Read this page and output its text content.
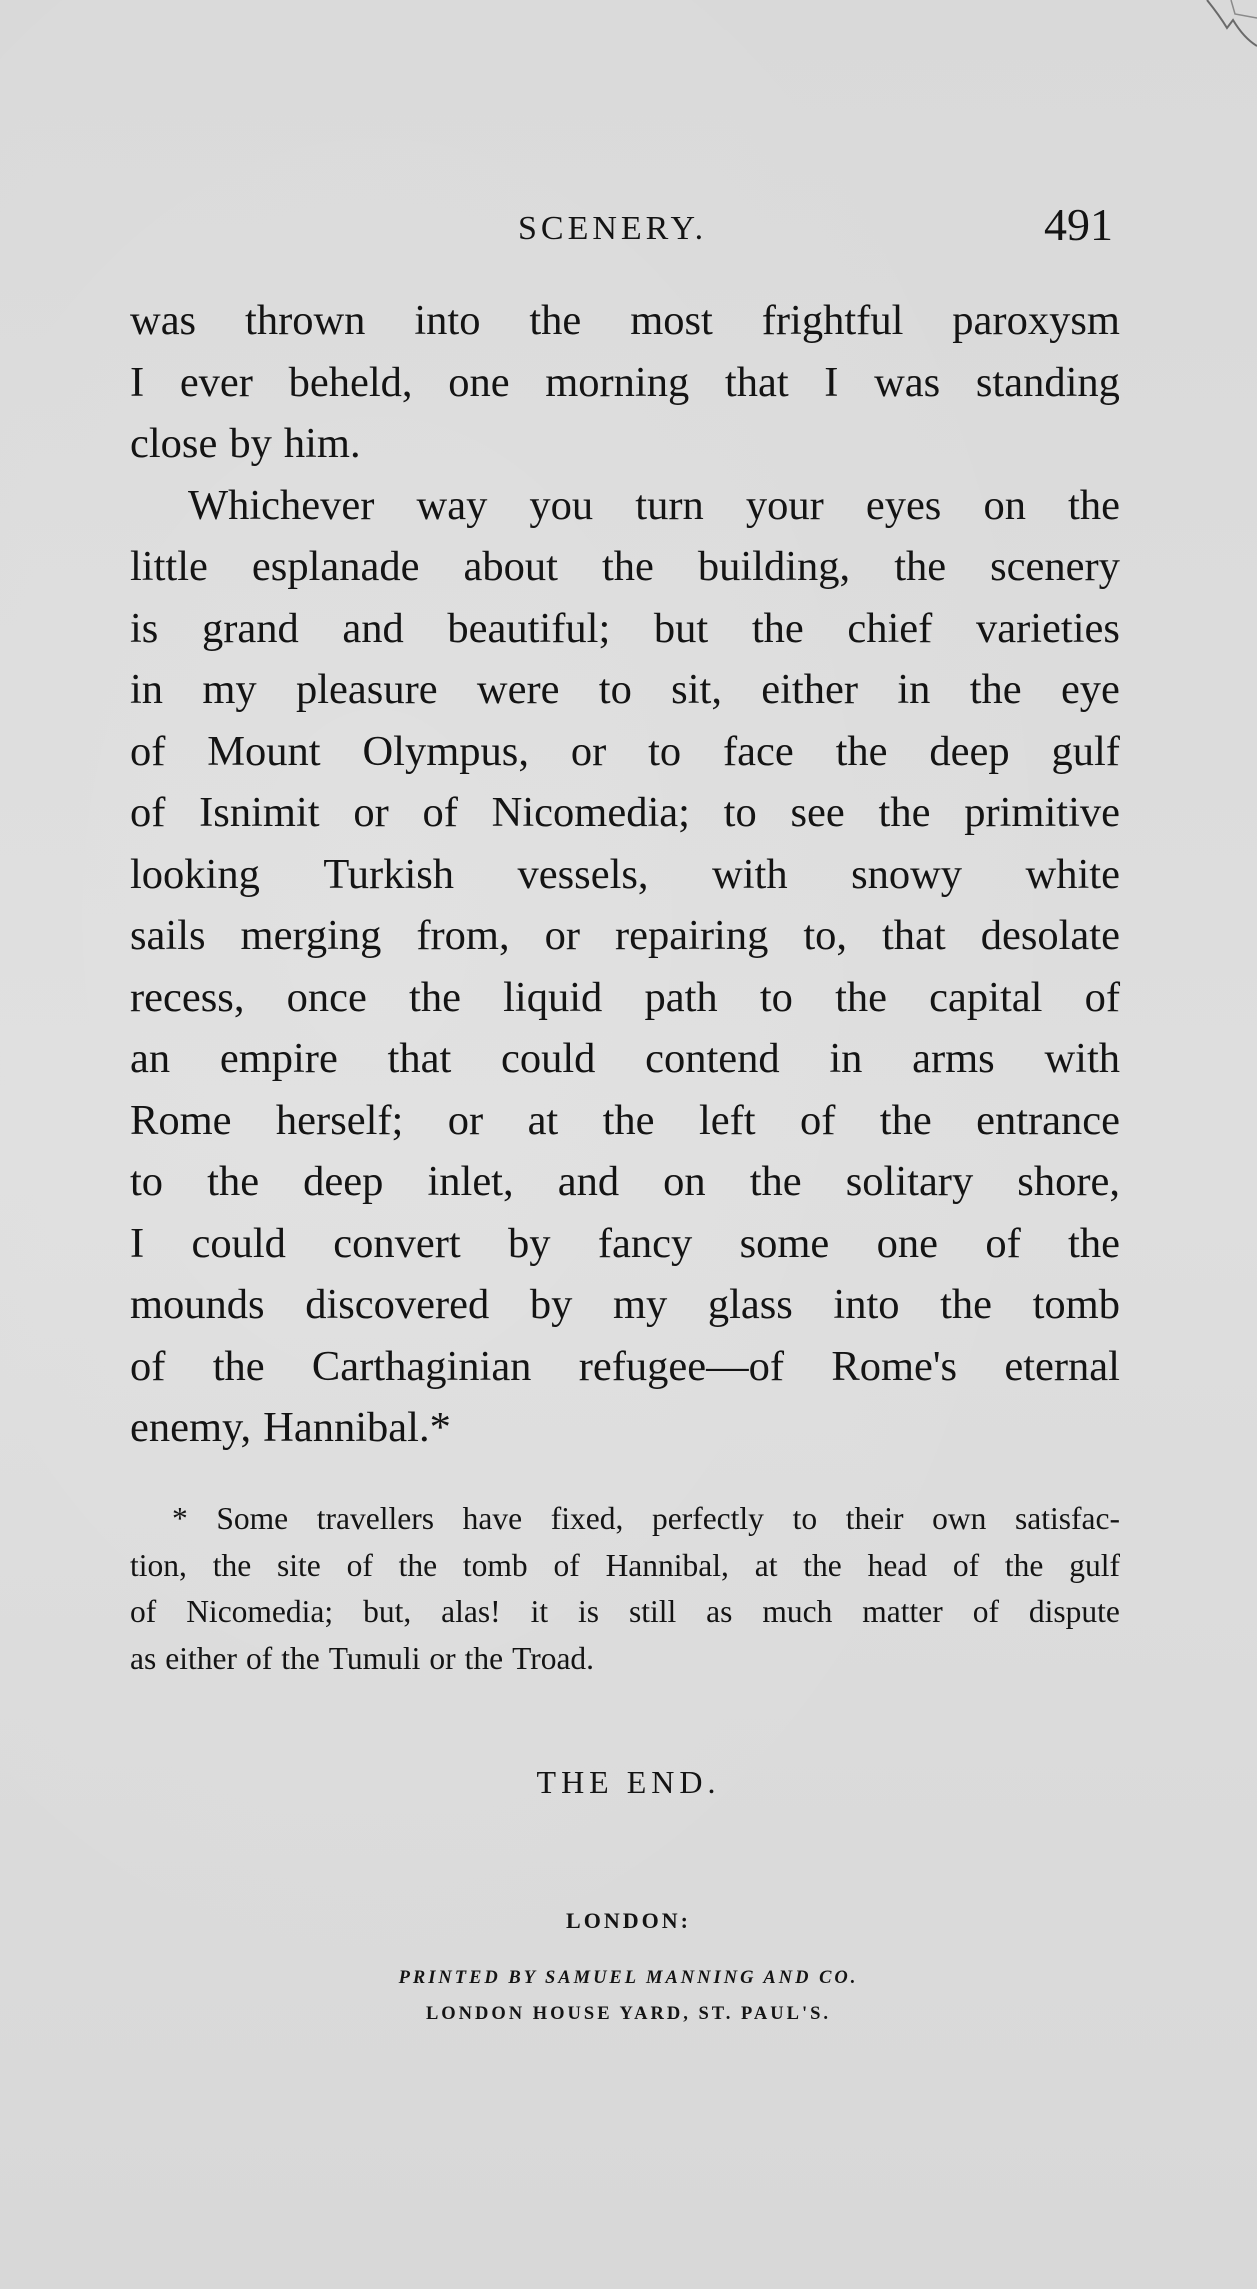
SCENERY.	491
was thrown into the most frightful paroxysm
I ever beheld, one morning that I was standing
close by him.
Whichever way you turn your eyes on the
little esplanade about the building, the scenery
is grand and beautiful; but the chief varieties
in my pleasure were to sit, either in the eye
of Mount Olympus, or to face the deep gulf
of Isnimit or of Nicomedia; to see the primitive
looking Turkish vessels, with snowy white
sails merging from, or repairing to, that desolate
recess, once the liquid path to the capital of
an empire that could contend in arms with
Rome herself; or at the left of the entrance
to the deep inlet, and on the solitary shore,
I could convert by fancy some one of the
mounds discovered by my glass into the tomb
of the Carthaginian refugee—of Rome's eternal
enemy, Hannibal.*
* Some travellers have fixed, perfectly to their own satisfac-
tion, the site of the tomb of Hannibal, at the head of the gulf
of Nicomedia; but, alas! it is still as much matter of dispute
as either of the Tumuli or the Troad.
THE END.
LONDON:
PRINTED BY SAMUEL MANNING AND CO.
LONDON HOUSE YARD, ST. PAUL'S.
